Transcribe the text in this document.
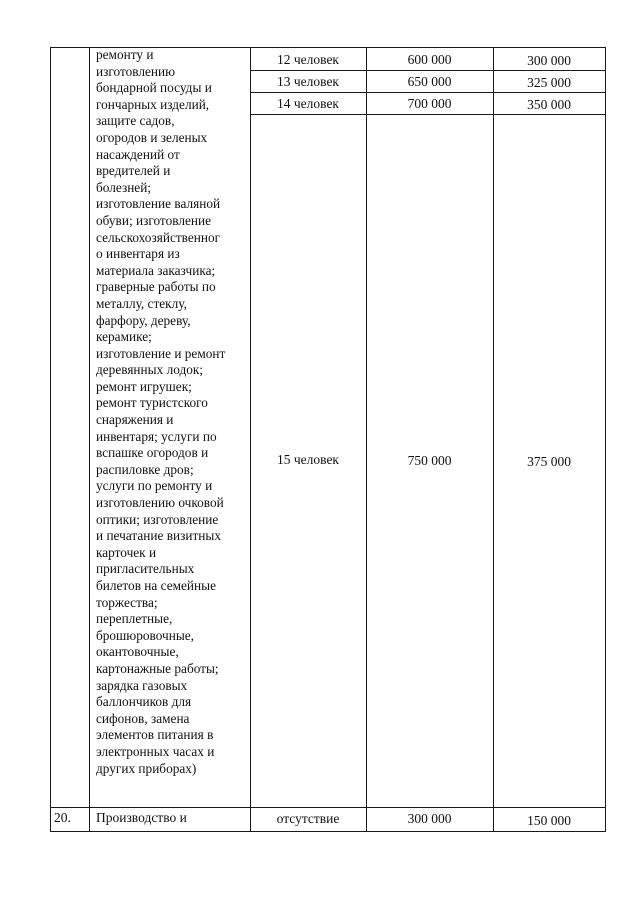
ремонту и
изготовлению
бондарной посуды и
гончарных изделий,
защите садов,
огородов и зеленых
насаждений от
вредителей и
болезней;
изготовление валяной
обуви; изготовление
сельскохозяйственног
о инвентаря из
материала заказчика;
граверные работы по
металлу, стеклу,
фарфору, дереву,
керамике;
изготовление и ремонт
деревянных лодок;
ремонт игрушек;
ремонт туристского
снаряжения и
инвентаря; услуги по
вспашке огородов и
распиловке дров;
услуги по ремонту и
изготовлению очковой
оптики; изготовление
и печатание визитных
карточек и
пригласительных
билетов на семейные
торжества;
переплетные,
брошюровочные,
окантовочные,
картонажные работы;
зарядка газовых
баллончиков для
сифонов, замена
элементов питания в
электронных часах и
других приборах)
12 человек	600 000	300 000
13 человек	650 000	325 000
14 человек	700 000	350 000
15 человек	750 000	375 000
20.	Производство и	отсутствие	300 000	150 000
